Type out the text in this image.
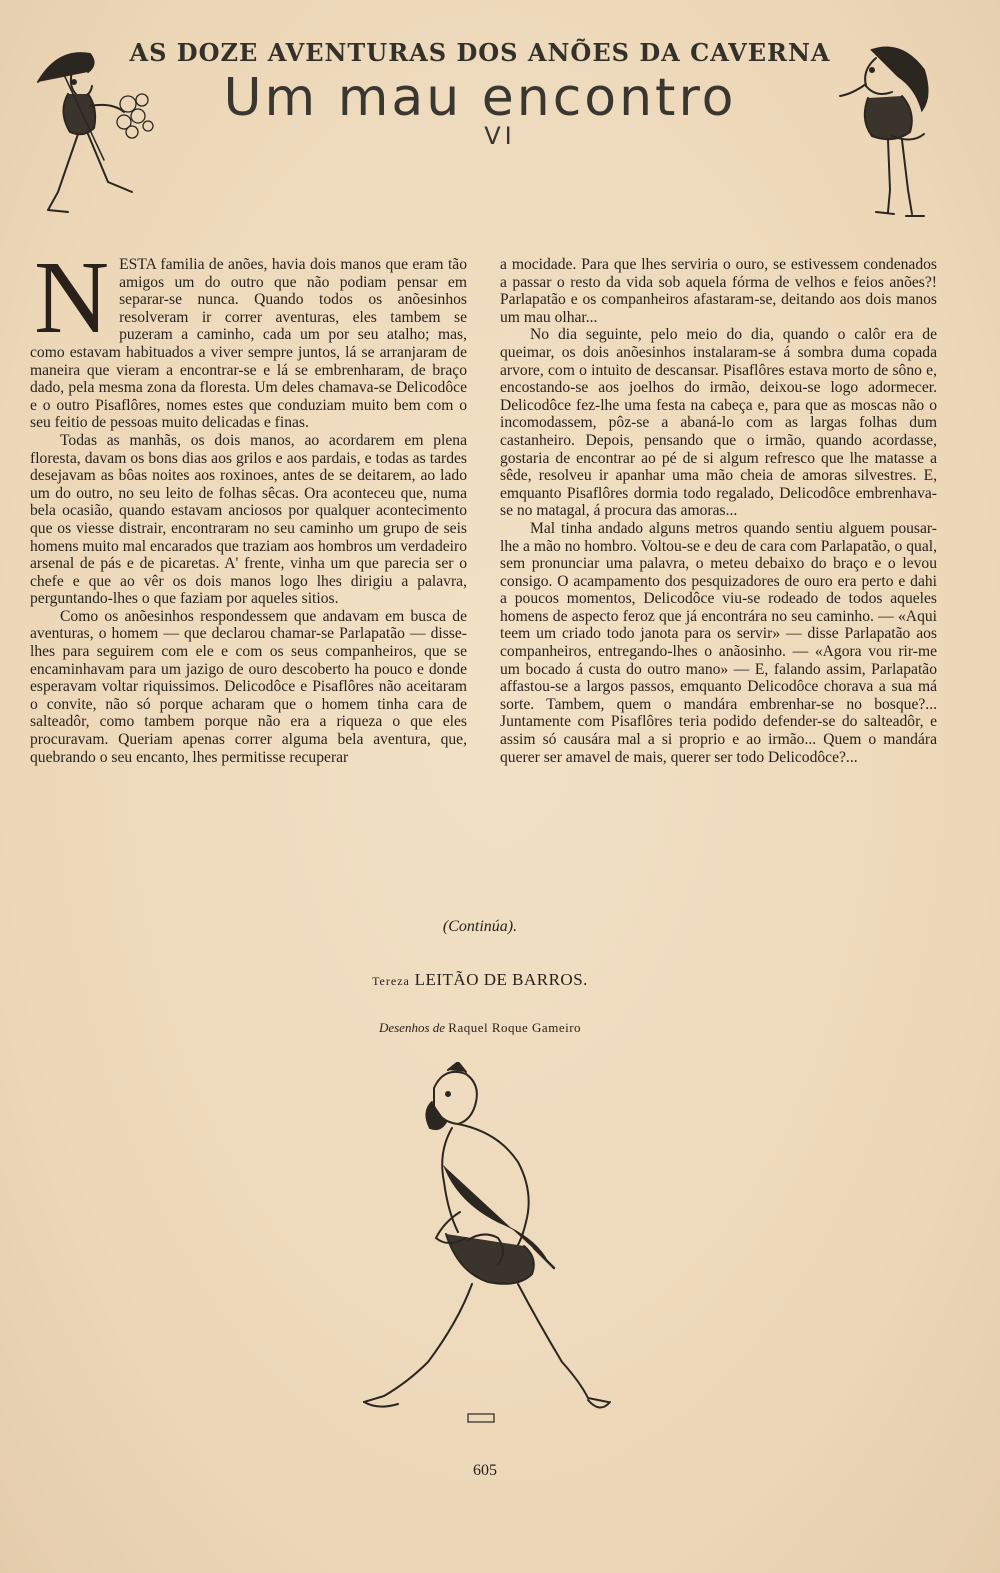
AS DOZE AVENTURAS DOS ANÕES DA CAVERNA
Um mau encontro
VI
N ESTA familia de anões, havia dois manos que eram tão amigos um do outro que não podiam pensar em separar-se nunca. Quando todos os anõesinhos resolveram ir correr aventuras, eles tambem se puzeram a caminho, cada um por seu atalho; mas, como estavam habituados a viver sempre juntos, lá se arranjaram de maneira que vieram a encontrar-se e lá se embrenharam, de braço dado, pela mesma zona da floresta. Um deles chamava-se Delicodôce e o outro Pisaflôres, nomes estes que conduziam muito bem com o seu feitio de pessoas muito delicadas e finas.

Todas as manhãs, os dois manos, ao acordarem em plena floresta, davam os bons dias aos grilos e aos pardais, e todas as tardes desejavam as bôas noites aos roxinoes, antes de se deitarem, ao lado um do outro, no seu leito de folhas sêcas. Ora aconteceu que, numa bela ocasião, quando estavam anciosos por qualquer acontecimento que os viesse distrair, encontraram no seu caminho um grupo de seis homens muito mal encarados que traziam aos hombros um verdadeiro arsenal de pás e de picaretas. A' frente, vinha um que parecia ser o chefe e que ao vêr os dois manos logo lhes dirigiu a palavra, perguntando-lhes o que faziam por aqueles sitios.

Como os anõesinhos respondessem que andavam em busca de aventuras, o homem — que declarou chamar-se Parlapatão — disse-lhes para seguirem com ele e com os seus companheiros, que se encaminhavam para um jazigo de ouro descoberto ha pouco e donde esperavam voltar riquissimos. Delicodôce e Pisaflôres não aceitaram o convite, não só porque acharam que o homem tinha cara de salteadôr, como tambem porque não era a riqueza o que eles procuravam. Queriam apenas correr alguma bela aventura, que, quebrando o seu encanto, lhes permitisse recuperar

a mocidade. Para que lhes serviria o ouro, se estivessem condenados a passar o resto da vida sob aquela fórma de velhos e feios anões?! Parlapatão e os companheiros afastaram-se, deitando aos dois manos um mau olhar...

No dia seguinte, pelo meio do dia, quando o calôr era de queimar, os dois anõesinhos instalaram-se á sombra duma copada arvore, com o intuito de descansar. Pisaflôres estava morto de sôno e, encostando-se aos joelhos do irmão, deixou-se logo adormecer. Delicodôce fez-lhe uma festa na cabeça e, para que as moscas não o incomodassem, pôz-se a abaná-lo com as largas folhas dum castanheiro. Depois, pensando que o irmão, quando acordasse, gostaria de encontrar ao pé de si algum refresco que lhe matasse a sêde, resolveu ir apanhar uma mão cheia de amoras silvestres. E, emquanto Pisaflôres dormia todo regalado, Delicodôce embrenhava-se no matagal, á procura das amoras...

Mal tinha andado alguns metros quando sentiu alguem pousar-lhe a mão no hombro. Voltou-se e deu de cara com Parlapatão, o qual, sem pronunciar uma palavra, o meteu debaixo do braço e o levou consigo. O acampamento dos pesquizadores de ouro era perto e dahi a poucos momentos, Delicodôce viu-se rodeado de todos aqueles homens de aspecto feroz que já encontrára no seu caminho. — «Aqui teem um criado todo janota para os servir» — disse Parlapatão aos companheiros, entregando-lhes o anãosinho. — «Agora vou rir-me um bocado á custa do outro mano» — E, falando assim, Parlapatão affastou-se a largos passos, emquanto Delicodôce chorava a sua má sorte. Tambem, quem o mandára embrenhar-se no bosque?... Juntamente com Pisaflôres teria podido defender-se do salteadôr, e assim só causára mal a si proprio e ao irmão... Quem o mandára querer ser amavel de mais, querer ser todo Delicodôce?...

(Continúa).
Tereza LEITÃO DE BARROS.
Desenhos de Raquel Roque Gameiro
605
